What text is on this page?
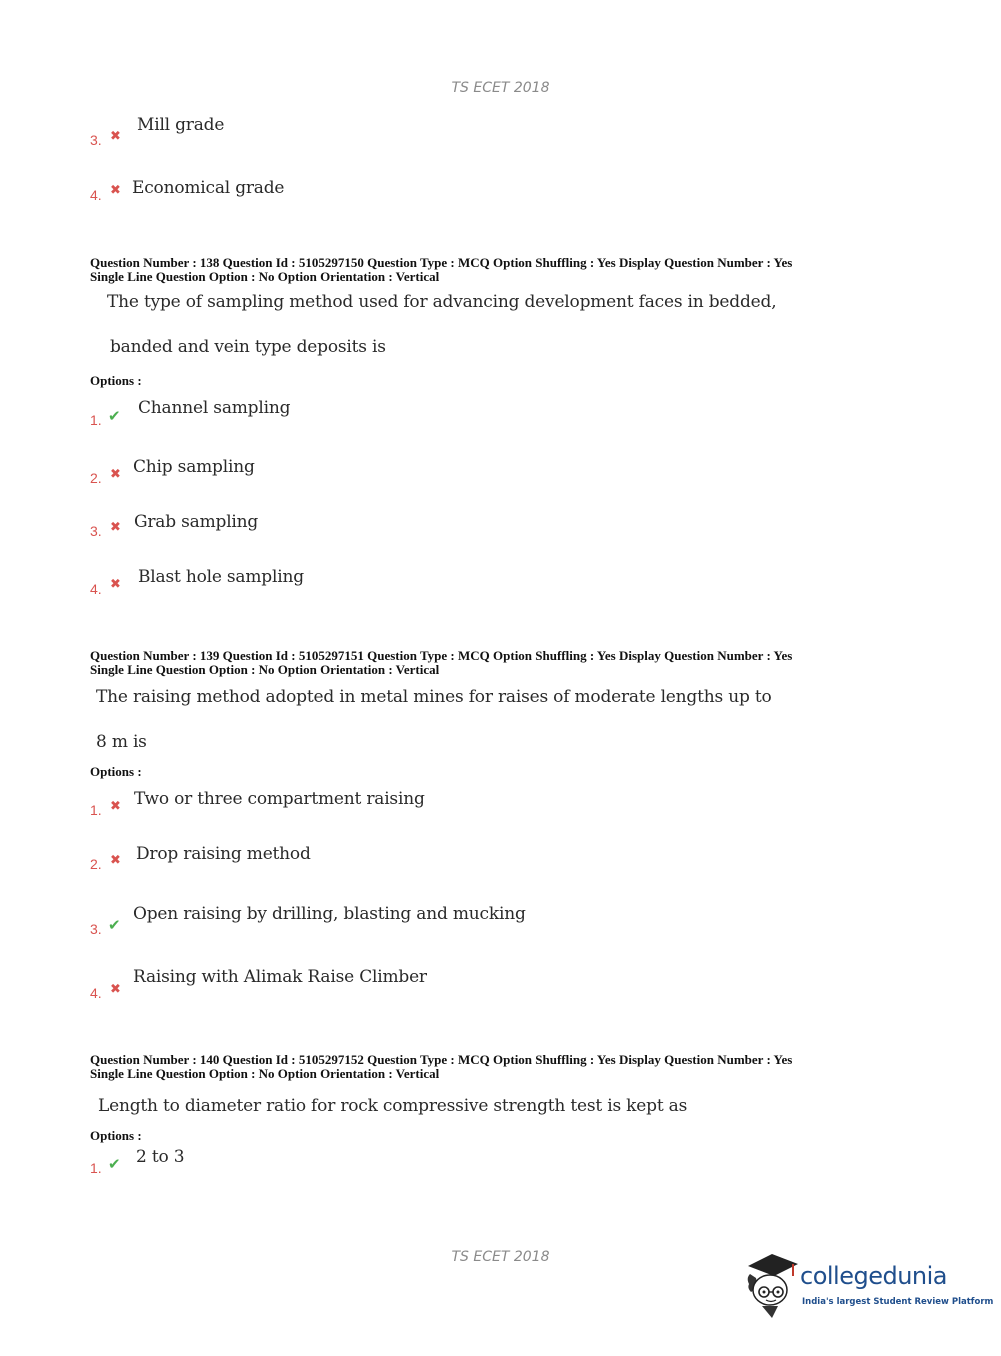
TS ECET 2018
3. ✖
Mill grade
4. ✖ Economical grade
Question Number : 138 Question Id : 5105297150 Question Type : MCQ Option Shuffling : Yes Display Question Number : Yes
Single Line Question Option : No Option Orientation : Vertical
The type of sampling method used for advancing development faces in bedded,
banded and vein type deposits is
Options :
1. ✔ Channel sampling
2. ✖ Chip sampling
3. ✖ Grab sampling
4. ✖ Blast hole sampling
Question Number : 139 Question Id : 5105297151 Question Type : MCQ Option Shuffling : Yes Display Question Number : Yes
Single Line Question Option : No Option Orientation : Vertical
The raising method adopted in metal mines for raises of moderate lengths up to
8 m is
Options :
1. ✖ Two or three compartment raising
2. ✖ Drop raising method
3. ✔
Open raising by drilling, blasting and mucking
4. ✖
Raising with Alimak Raise Climber
Question Number : 140 Question Id : 5105297152 Question Type : MCQ Option Shuffling : Yes Display Question Number : Yes
Single Line Question Option : No Option Orientation : Vertical
Length to diameter ratio for rock compressive strength test is kept as
Options :
1. ✔ 2 to 3
TS ECET 2018
collegedunia
India's largest Student Review Platform
